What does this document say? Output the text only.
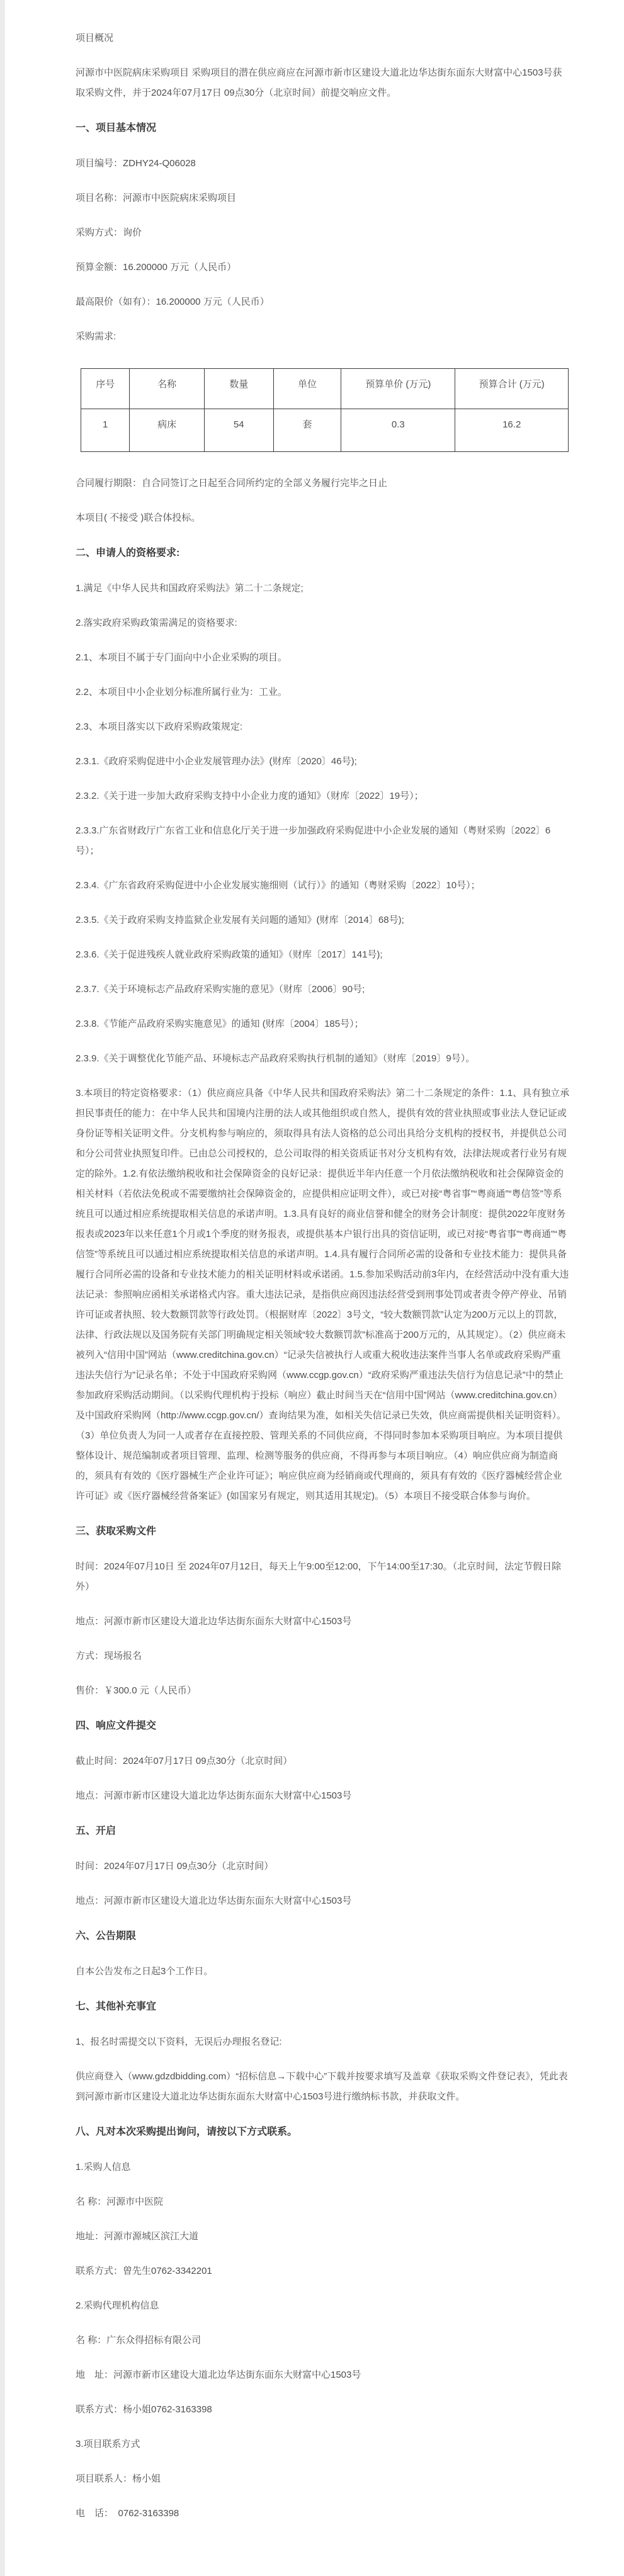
项目概况

河源市中医院病床采购项目 采购项目的潜在供应商应在河源市新市区建设大道北边华达街东面东大财富中心1503号获取采购文件，并于2024年07月17日 09点30分（北京时间）前提交响应文件。

一、项目基本情况

项目编号：ZDHY24-Q06028

项目名称：河源市中医院病床采购项目

采购方式：询价

预算金额：16.200000 万元（人民币）

最高限价（如有）：16.200000 万元（人民币）

采购需求:

序号	名称	数量	单位	预算单价 (万元)	预算合计 (万元)
1	病床	54	套	0.3	16.2

合同履行期限：自合同签订之日起至合同所约定的全部义务履行完毕之日止

本项目( 不接受 )联合体投标。

二、申请人的资格要求:

1.满足《中华人民共和国政府采购法》第二十二条规定;

2.落实政府采购政策需满足的资格要求:

2.1、本项目不属于专门面向中小企业采购的项目。

2.2、本项目中小企业划分标准所属行业为：工业。

2.3、本项目落实以下政府采购政策规定:

2.3.1.《政府采购促进中小企业发展管理办法》(财库〔2020〕46号);

2.3.2.《关于进一步加大政府采购支持中小企业力度的通知》（财库〔2022〕19号）；

2.3.3.广东省财政厅广东省工业和信息化厅关于进一步加强政府采购促进中小企业发展的通知（粤财采购〔2022〕6号）；

2.3.4.《广东省政府采购促进中小企业发展实施细则（试行）》的通知（粤财采购〔2022〕10号）；

2.3.5.《关于政府采购支持监狱企业发展有关问题的通知》(财库〔2014〕68号);

2.3.6.《关于促进残疾人就业政府采购政策的通知》（财库〔2017〕141号);

2.3.7.《关于环境标志产品政府采购实施的意见》（财库〔2006〕90号;

2.3.8.《节能产品政府采购实施意见》的通知 (财库〔2004〕185号）；

2.3.9.《关于调整优化节能产品、环境标志产品政府采购执行机制的通知》（财库〔2019〕9号）。

3.本项目的特定资格要求：（1）供应商应具备《中华人民共和国政府采购法》第二十二条规定的条件：1.1、具有独立承担民事责任的能力：在中华人民共和国境内注册的法人或其他组织或自然人，提供有效的营业执照或事业法人登记证或身份证等相关证明文件。分支机构参与响应的，须取得具有法人资格的总公司出具给分支机构的授权书，并提供总公司和分公司营业执照复印件。已由总公司授权的，总公司取得的相关资质证书对分支机构有效，法律法规或者行业另有规定的除外。1.2.有依法缴纳税收和社会保障资金的良好记录：提供近半年内任意一个月依法缴纳税收和社会保障资金的相关材料（若依法免税或不需要缴纳社会保障资金的，应提供相应证明文件），或已对接“粤省事”“粤商通”“粤信签”等系统且可以通过相应系统提取相关信息的承诺声明。1.3.具有良好的商业信誉和健全的财务会计制度：提供2022年度财务报表或2023年以来任意1个月或1个季度的财务报表，或提供基本户银行出具的资信证明，或已对接“粤省事”“粤商通”“粤信签”等系统且可以通过相应系统提取相关信息的承诺声明。1.4.具有履行合同所必需的设备和专业技术能力：提供具备履行合同所必需的设备和专业技术能力的相关证明材料或承诺函。1.5.参加采购活动前3年内，在经营活动中没有重大违法记录：参照响应函相关承诺格式内容。重大违法记录，是指供应商因违法经营受到刑事处罚或者责令停产停业、吊销许可证或者执照、较大数额罚款等行政处罚。（根据财库〔2022〕3号文，“较大数额罚款”认定为200万元以上的罚款，法律、行政法规以及国务院有关部门明确规定相关领域“较大数额罚款”标准高于200万元的，从其规定）。（2）供应商未被列入“信用中国”网站（www.creditchina.gov.cn）“记录失信被执行人或重大税收违法案件当事人名单或政府采购严重违法失信行为”记录名单；不处于中国政府采购网（www.ccgp.gov.cn）“政府采购严重违法失信行为信息记录”中的禁止参加政府采购活动期间。（以采购代理机构于投标（响应）截止时间当天在“信用中国”网站（www.creditchina.gov.cn）及中国政府采购网（http://www.ccgp.gov.cn/）查询结果为准，如相关失信记录已失效，供应商需提供相关证明资料）。（3）单位负责人为同一人或者存在直接控股、管理关系的不同供应商，不得同时参加本采购项目响应。为本项目提供整体设计、规范编制或者项目管理、监理、检测等服务的供应商，不得再参与本项目响应。（4）响应供应商为制造商的，须具有有效的《医疗器械生产企业许可证》；响应供应商为经销商或代理商的，须具有有效的《医疗器械经营企业许可证》或《医疗器械经营备案证》(如国家另有规定，则其适用其规定)。（5）本项目不接受联合体参与询价。

三、获取采购文件

时间：2024年07月10日 至 2024年07月12日，每天上午9:00至12:00，下午14:00至17:30。（北京时间，法定节假日除外）

地点：河源市新市区建设大道北边华达街东面东大财富中心1503号

方式：现场报名

售价：￥300.0 元（人民币）

四、响应文件提交

截止时间：2024年07月17日 09点30分（北京时间）

地点：河源市新市区建设大道北边华达街东面东大财富中心1503号

五、开启

时间：2024年07月17日 09点30分（北京时间）

地点：河源市新市区建设大道北边华达街东面东大财富中心1503号

六、公告期限

自本公告发布之日起3个工作日。

七、其他补充事宜

1、报名时需提交以下资料，无误后办理报名登记:

供应商登入（www.gdzdbidding.com）“招标信息→下载中心”下载并按要求填写及盖章《获取采购文件登记表》，凭此表到河源市新市区建设大道北边华达街东面东大财富中心1503号进行缴纳标书款，并获取文件。

八、凡对本次采购提出询问，请按以下方式联系。

1.采购人信息

名 称：河源市中医院

地址：河源市源城区滨江大道

联系方式：曾先生0762-3342201

2.采购代理机构信息

名 称：广东众得招标有限公司

地　址：河源市新市区建设大道北边华达街东面东大财富中心1503号

联系方式：杨小姐0762-3163398

3.项目联系方式

项目联系人：杨小姐

电　话：　0762-3163398
